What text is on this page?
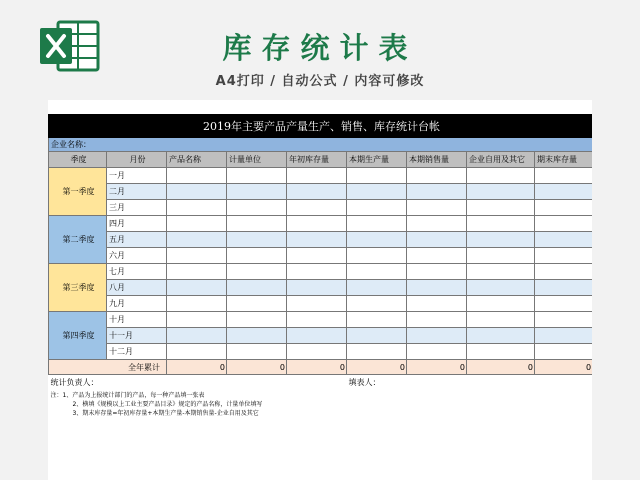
库存统计表
A4打印 / 自动公式 / 内容可修改
2019年主要产品产量生产、销售、库存统计台帐								
企业名称：								
季度	月份	产品名称	计量单位	年初库存量	本期生产量	本期销售量	企业自用及其它	期末库存量
第一季度	一月							
	二月							
	三月							
第二季度	四月							
	五月							
	六月							
第三季度	七月							
	八月							
	九月							
第四季度	十月							
	十一月							
	十二月							
全年累计		0	0	0	0	0	0	0
统计负责人：					填表人：			
注：1、产品为上报统计部门的产品，每一种产品填一张表								
2、横填《规模以上工业主要产品目录》规定的产品名称，计量单位填写								
3、期末库存量=年初库存量+本期生产量-本期销售量-企业自用及其它								
